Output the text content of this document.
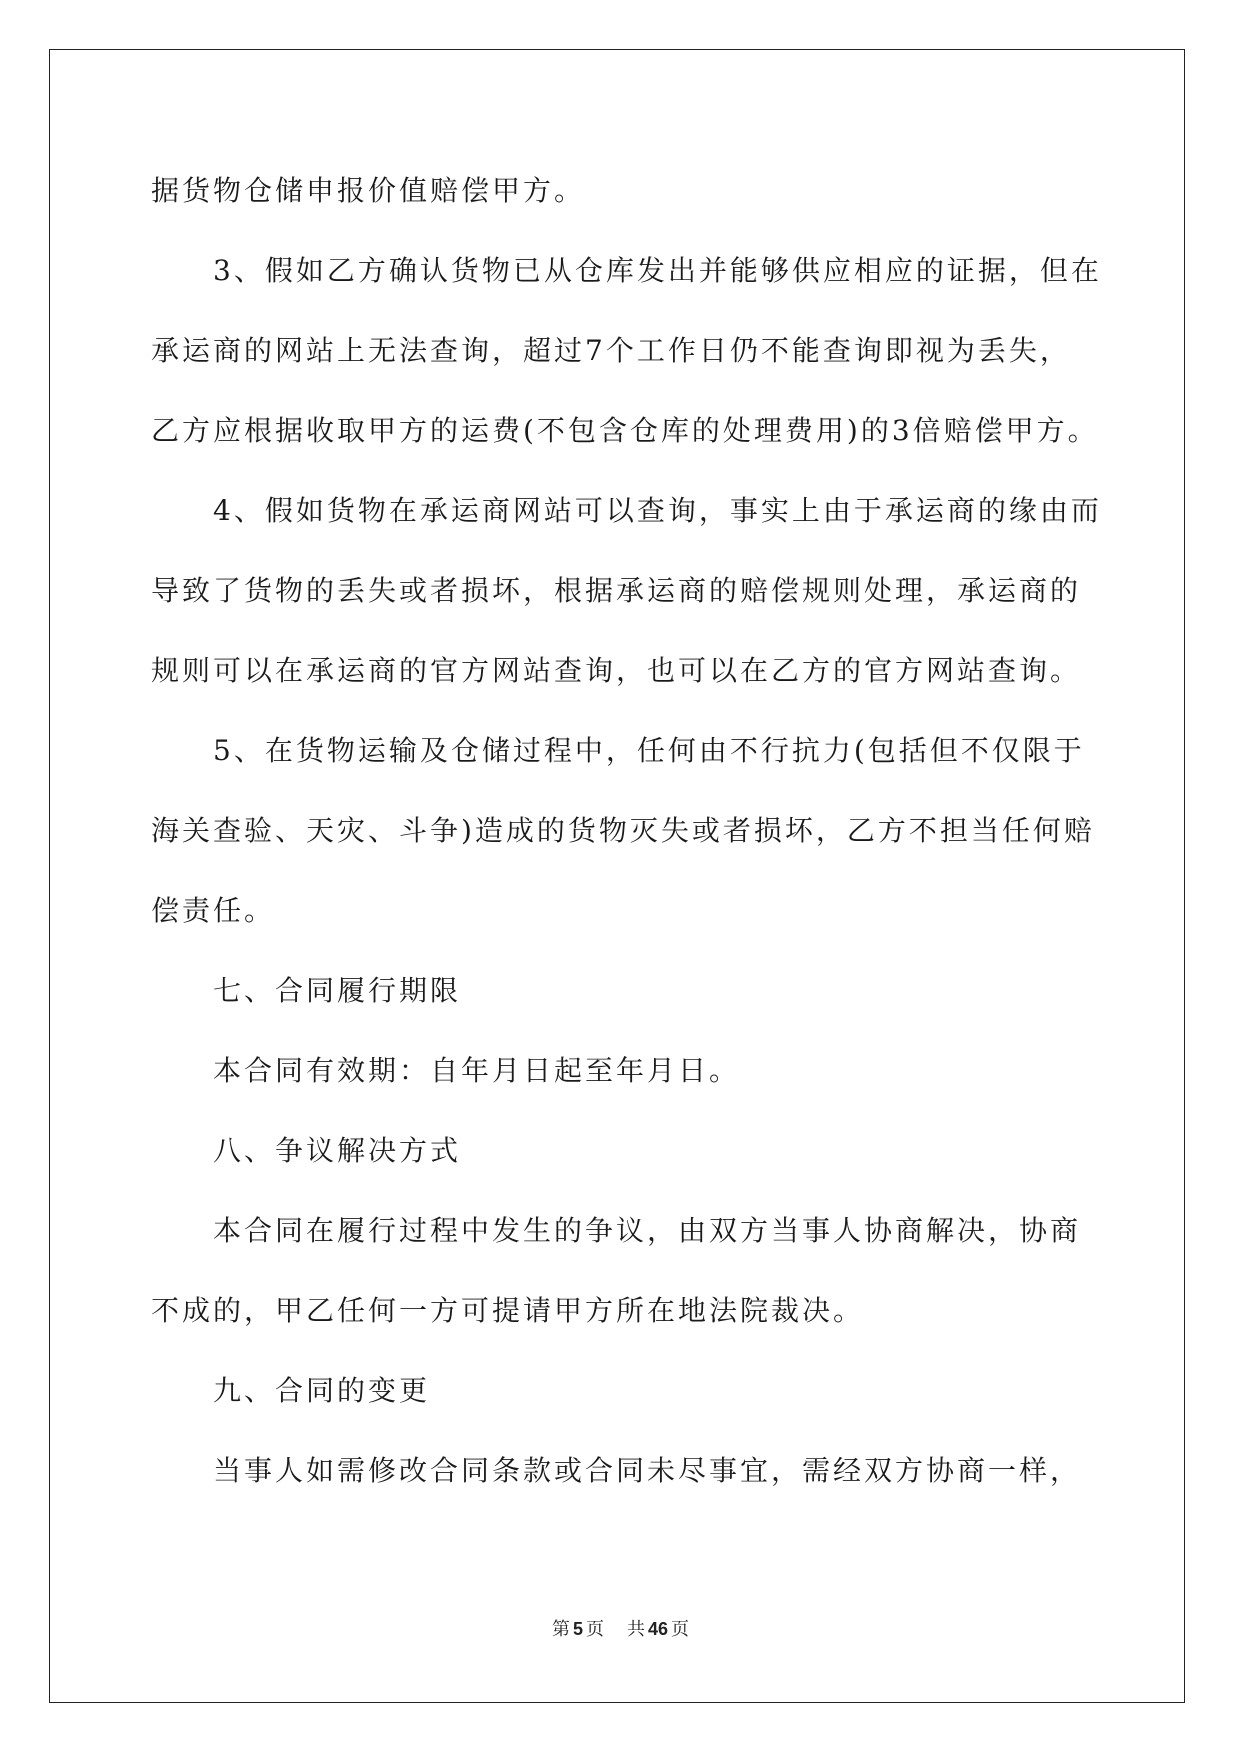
据货物仓储申报价值赔偿甲方。
3、假如乙方确认货物已从仓库发出并能够供应相应的证据，但在
承运商的网站上无法查询，超过7个工作日仍不能查询即视为丢失，
乙方应根据收取甲方的运费(不包含仓库的处理费用)的3倍赔偿甲方。
4、假如货物在承运商网站可以查询，事实上由于承运商的缘由而
导致了货物的丢失或者损坏，根据承运商的赔偿规则处理，承运商的
规则可以在承运商的官方网站查询，也可以在乙方的官方网站查询。
5、在货物运输及仓储过程中，任何由不行抗力(包括但不仅限于
海关查验、天灾、斗争)造成的货物灭失或者损坏，乙方不担当任何赔
偿责任。
七、合同履行期限
本合同有效期：自年月日起至年月日。
八、争议解决方式
本合同在履行过程中发生的争议，由双方当事人协商解决，协商
不成的，甲乙任何一方可提请甲方所在地法院裁决。
九、合同的变更
当事人如需修改合同条款或合同未尽事宜，需经双方协商一样，
第 5 页 共 46 页
